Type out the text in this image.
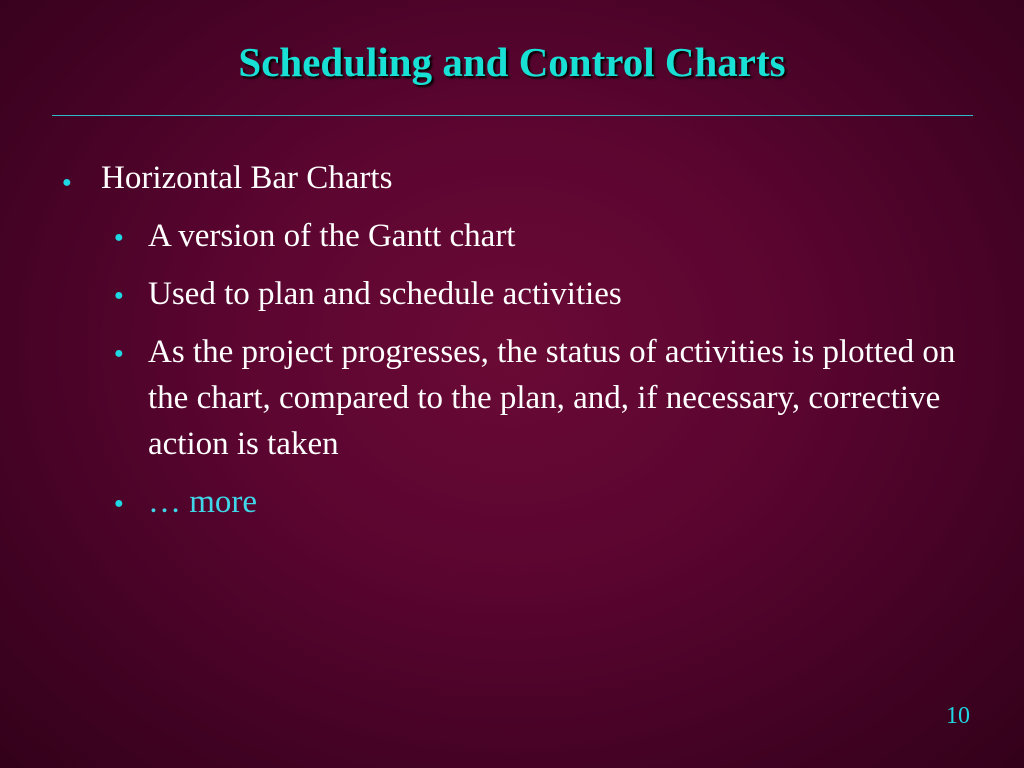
Scheduling and Control Charts
● Horizontal Bar Charts
● A version of the Gantt chart
● Used to plan and schedule activities
● As the project progresses, the status of activities is plotted on the chart, compared to the plan, and, if necessary, corrective action is taken
● … more
10
